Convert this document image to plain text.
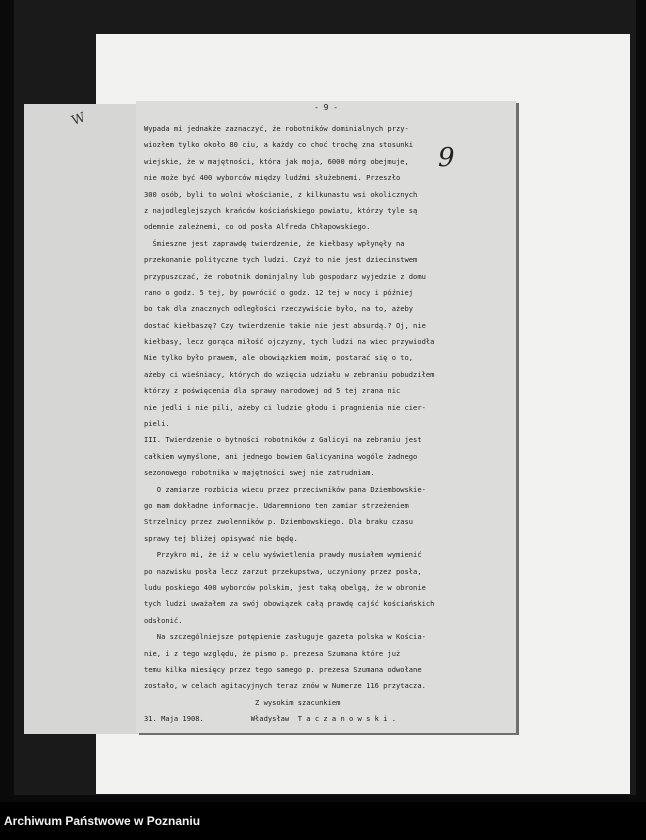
W
- 9 -
9
Wypada mi jednakże zaznaczyć, że robotników dominialnych przy-
wiozłem tylko około 80 ciu, a każdy co choć trochę zna stosunki
wiejskie, że w majętności, która jak moja, 6000 mórg obejmuje,
nie może być 400 wyborców między ludźmi służebnemi. Przeszło
300 osób, byli to wolni włościanie, z kilkunastu wsi okolicznych
z najodleglejszych krańców kościańskiego powiatu, którzy tyle są
odemnie zależnemi, co od posła Alfreda Chłapowskiego.
Śmieszne jest zaprawdę twierdzenie, że kiełbasy wpłynęły na
przekonanie polityczne tych ludzi. Czyż to nie jest dziecinstwem
przypuszczać, że robotnik dominjalny lub gospodarz wyjedzie z domu
rano o godz. 5 tej, by powrócić o godz. 12 tej w nocy i później
bo tak dla znacznych odległości rzeczywiście było, na to, ażeby
dostać kiełbaszę? Czy twierdzenie takie nie jest absurdą.? Oj, nie
kiełbasy, lecz gorąca miłość ojczyzny, tych ludzi na wiec przywiodła
Nie tylko było prawem, ale obowiązkiem moim, postarać się o to,
ażeby ci wieśniacy, których do wzięcia udziału w zebraniu pobudziłem
którzy z poświęcenia dla sprawy narodowej od 5 tej zrana nic
nie jedli i nie pili, ażeby ci ludzie głodu i pragnienia nie cier-
pieli.
III. Twierdzenie o bytności robotników z Galicyi na zebraniu jest
całkiem wymyślone, ani jednego bowiem Galicyanina wogóle żadnego
sezonowego robotnika w majętności swej nie zatrudniam.
O zamiarze rozbicia wiecu przez przeciwników pana Dziembowskie-
go mam dokładne informacje. Udaremniono ten zamiar strzeżeniem
Strzelnicy przez zwolenników p. Dziembowskiego. Dla braku czasu
sprawy tej bliżej opisywać nie będę.
Przykro mi, że iż w celu wyświetlenia prawdy musiałem wymienić
po nazwisku posła lecz zarzut przekupstwa, uczyniony przez posła,
ludu poskiego 400 wyborców polskim, jest taką obelgą, że w obronie
tych ludzi uważałem za swój obowiązek całą prawdę cajść kościańskich
odsłonić.
Na szczególniejsze potępienie zasługuje gazeta polska w Kościa-
nie, i z tego względu, że pismo p. prezesa Szumana które już
temu kilka miesięcy przez tego samego p. prezesa Szumana odwołane
zostało, w celach agitacyjnych teraz znów w Numerze 116 przytacza.
Z wysokim szacunkiem
31. Maja 1908.           Władysław  T a c z a n o w s k i .
Archiwum Państwowe w Poznaniu
